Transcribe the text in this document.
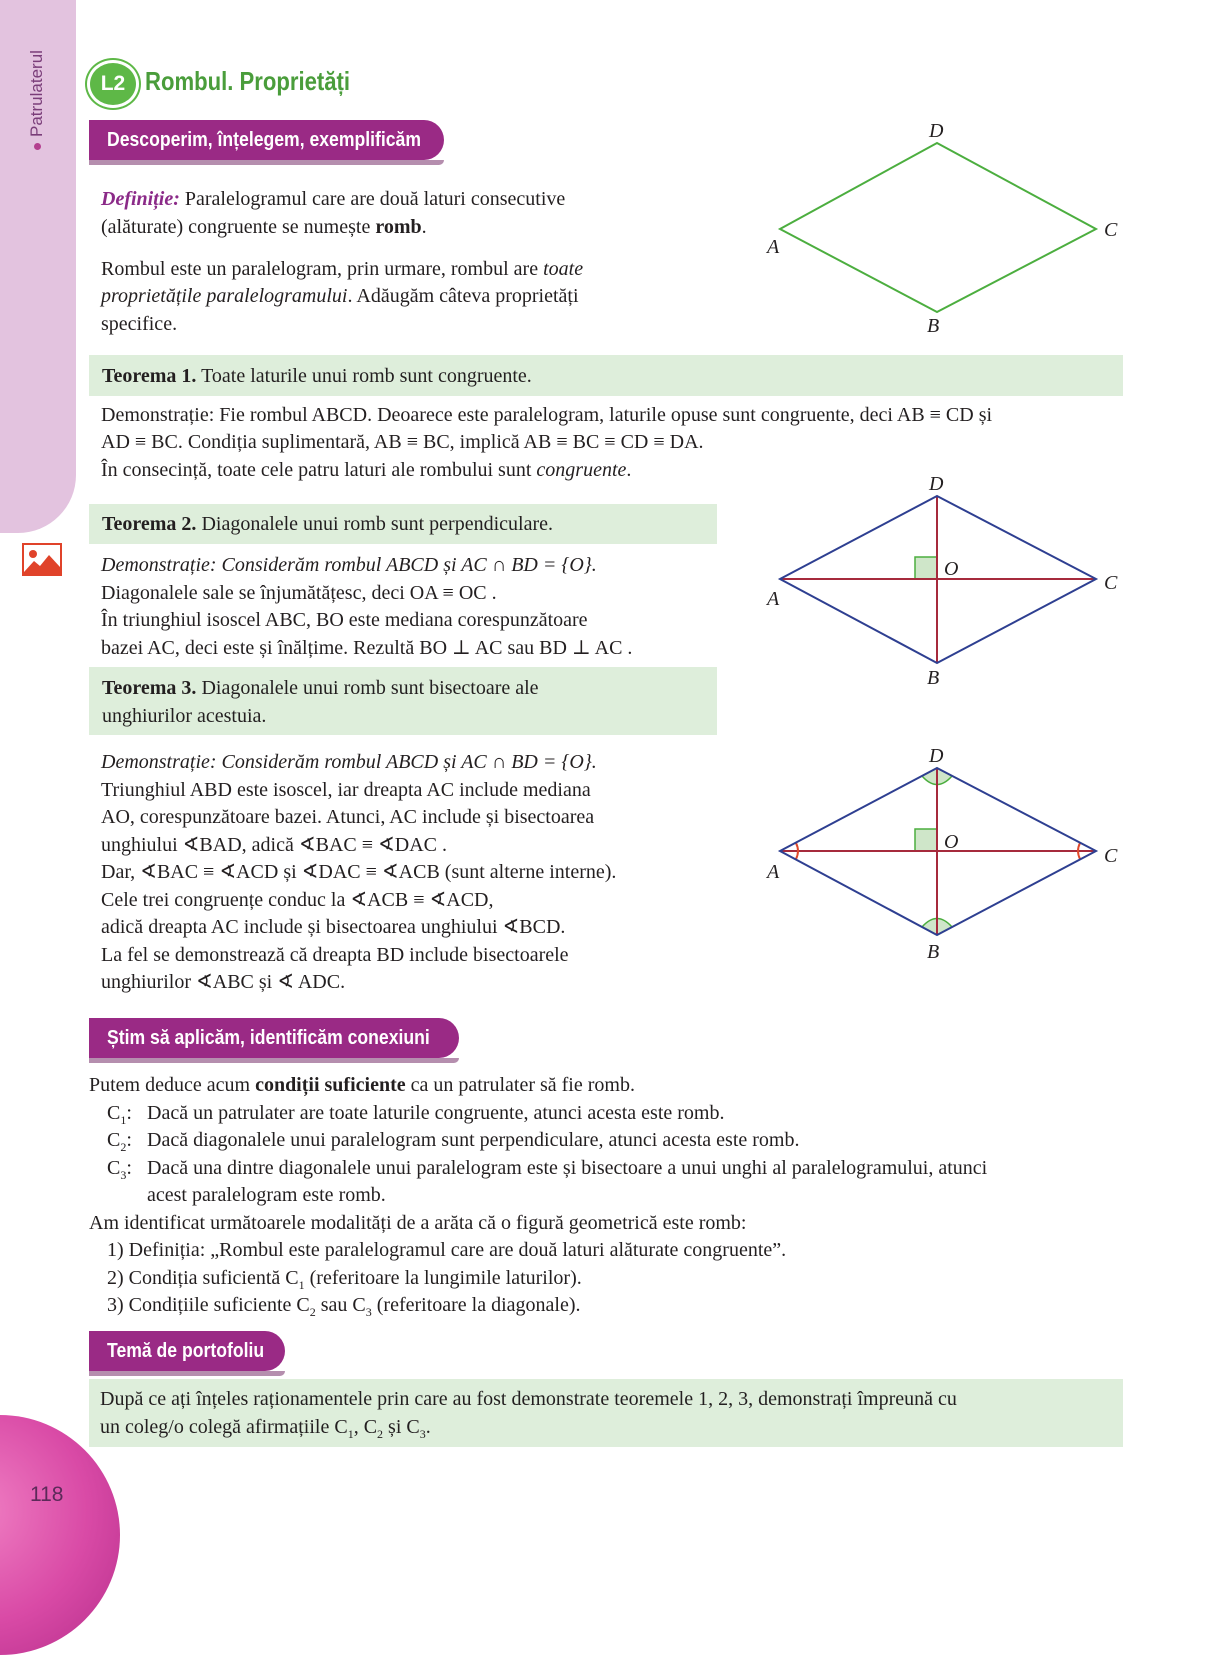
Patrulaterul
118
L2 Rombul. Proprietăți
Descoperim, înțelegem, exemplificăm
Definiție: Paralelogramul care are două laturi consecutive
(alăturate) congruente se numește romb.
Rombul este un paralelogram, prin urmare, rombul are toate
proprietățile paralelogramului. Adăugăm câteva proprietăți
specifice.
D
C
A
B
Teorema 1. Toate laturile unui romb sunt congruente.
Demonstrație: Fie rombul ABCD. Deoarece este paralelogram, laturile opuse sunt congruente, deci AB ≡ CD și
AD ≡ BC. Condiția suplimentară, AB ≡ BC, implică AB ≡ BC ≡ CD ≡ DA.
În consecință, toate cele patru laturi ale rombului sunt congruente.
Teorema 2. Diagonalele unui romb sunt perpendiculare.
Demonstrație: Considerăm rombul ABCD și AC ∩ BD = {O}.
Diagonalele sale se înjumătățesc, deci OA ≡ OC .
În triunghiul isoscel ABC, BO este mediana corespunzătoare
bazei AC, deci este și înălțime. Rezultă BO ⊥ AC sau BD ⊥ AC .
D
O
C
A
B
Teorema 3. Diagonalele unui romb sunt bisectoare ale
unghiurilor acestuia.
Demonstrație: Considerăm rombul ABCD și AC ∩ BD = {O}.
Triunghiul ABD este isoscel, iar dreapta AC include mediana
AO, corespunzătoare bazei. Atunci, AC include și bisectoarea
unghiului ∢BAD, adică ∢BAC ≡ ∢DAC .
Dar, ∢BAC ≡ ∢ACD și ∢DAC ≡ ∢ACB (sunt alterne interne).
Cele trei congruențe conduc la ∢ACB ≡ ∢ACD,
adică dreapta AC include și bisectoarea unghiului ∢BCD.
La fel se demonstrează că dreapta BD include bisectoarele
unghiurilor ∢ABC și ∢ ADC.
D
O
C
A
B
Știm să aplicăm, identificăm conexiuni
Putem deduce acum condiții suficiente ca un patrulater să fie romb.
$C_1$: Dacă un patrulater are toate laturile congruente, atunci acesta este romb.
$C_2$: Dacă diagonalele unui paralelogram sunt perpendiculare, atunci acesta este romb.
$C_3$: Dacă una dintre diagonalele unui paralelogram este și bisectoare a unui unghi al paralelogramului, atunci
acest paralelogram este romb.
Am identificat următoarele modalități de a arăta că o figură geometrică este romb:
1) Definiția: „Rombul este paralelogramul care are două laturi alăturate congruente”.
2) Condiția suficientă $C_1$ (referitoare la lungimile laturilor).
3) Condițiile suficiente $C_2$ sau $C_3$ (referitoare la diagonale).
Temă de portofoliu
După ce ați înțeles raționamentele prin care au fost demonstrate teoremele 1, 2, 3, demonstrați împreună cu
un coleg/o colegă afirmațiile $C_1$, $C_2$ și $C_3$.
